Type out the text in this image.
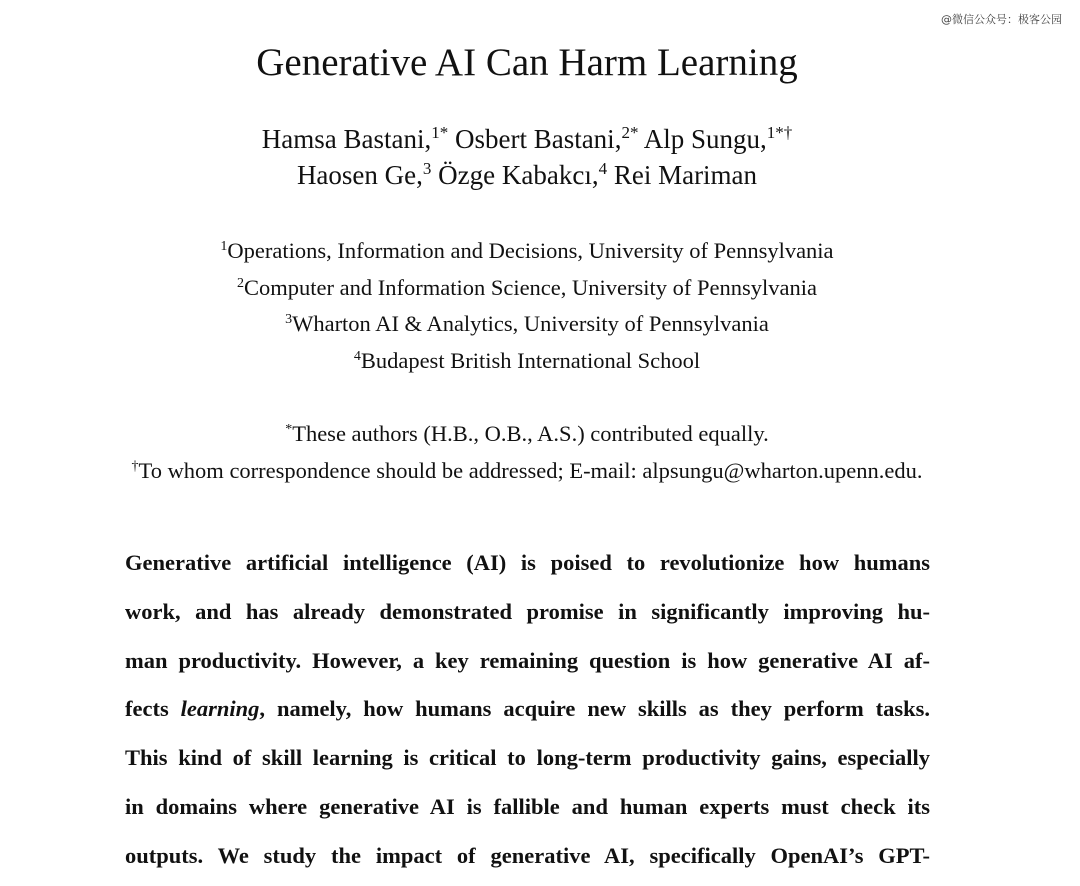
@微信公众号：极客公园
Generative AI Can Harm Learning
Hamsa Bastani,$^{1*}$ Osbert Bastani,$^{2*}$ Alp Sungu,$^{1*\dagger}$
Haosen Ge,$^3$ Özge Kabakcı,$^4$ Rei Mariman
$^1$Operations, Information and Decisions, University of Pennsylvania
$^2$Computer and Information Science, University of Pennsylvania
$^3$Wharton AI & Analytics, University of Pennsylvania
$^4$Budapest British International School
*These authors (H.B., O.B., A.S.) contributed equally.
†To whom correspondence should be addressed; E-mail: alpsungu@wharton.upenn.edu.
Generative artificial intelligence (AI) is poised to revolutionize how humans
work, and has already demonstrated promise in significantly improving hu-
man productivity. However, a key remaining question is how generative AI af-
fects learning, namely, how humans acquire new skills as they perform tasks.
This kind of skill learning is critical to long-term productivity gains, especially
in domains where generative AI is fallible and human experts must check its
outputs. We study the impact of generative AI, specifically OpenAI’s GPT-
